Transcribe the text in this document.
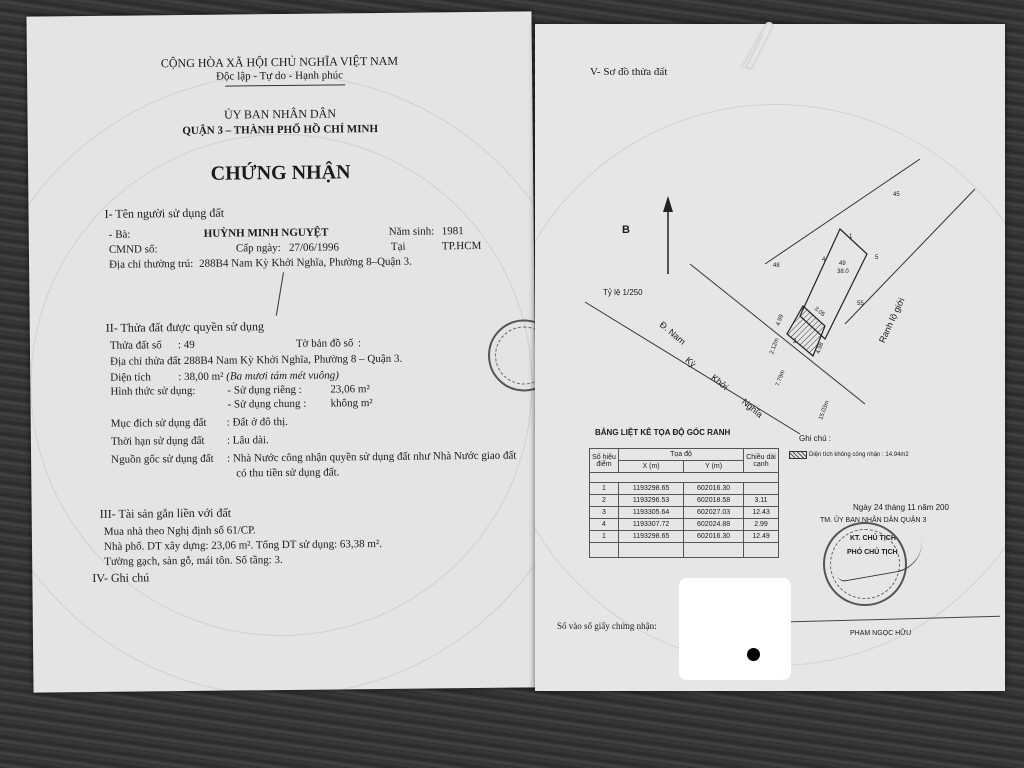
CỘNG HÒA XÃ HỘI CHỦ NGHĨA VIỆT NAM
Độc lập - Tự do - Hạnh phúc
ỦY BAN NHÂN DÂN
QUẬN 3 – THÀNH PHỐ HỒ CHÍ MINH
CHỨNG NHẬN
I- Tên người sử dụng đất
- Bà:	HUỲNH MINH NGUYỆT	Năm sinh: 1981
CMND số:	Cấp ngày: 27/06/1996	Tại	TP.HCM
Địa chỉ thường trú: 288B4 Nam Kỳ Khởi Nghĩa, Phường 8–Quận 3.
II- Thửa đất được quyền sử dụng
Thửa đất số : 49	Tờ bản đồ số :
Địa chỉ thửa đất
: 288B4 Nam Kỳ Khởi Nghĩa, Phường 8 – Quận 3.
Diện tích : 38,00 m² (Ba mươi tám mét vuông)
Hình thức sử dụng:	- Sử dụng riêng :	23,06 m²
- Sử dụng chung : không m²
Mục đích sử dụng đất : Đất ở đô thị.
Thời hạn sử dụng đất : Lâu dài.
Nguồn gốc sử dụng đất : Nhà Nước công nhận quyền sử dụng đất như Nhà Nước giao đất
có thu tiền sử dụng đất.
III- Tài sản gắn liền với đất
Mua nhà theo Nghị định số 61/CP.
Nhà phố. DT xây dựng: 23,06 m². Tổng DT sử dụng: 63,38 m².
Tường gạch, sàn gỗ, mái tôn. Số tầng: 3.
IV- Ghi chú
V- Sơ đồ thửa đất
B
Tỷ lệ 1/250
Đ. Nam
Kỳ
Khởi
Nghĩa
Ranh lộ giới
45
48	49
38.0
55
4.99
3.05
4.98
2.12m
7.79m
15.03m
1
2
4	5
BẢNG LIỆT KÊ TỌA ĐỘ GÓC RANH
Số hiệu điểm	Tọa độ		Chiều dài cạnh
	X (m)	Y (m)	

1	1193298.65	602016.30	
2	1193296.53	602018.58	3.11
3	1193305.64	602027.03	12.43
4	1193307.72	602024.88	2.99
1	1193298.65	602016.30	12.49

Ghi chú :
Diện tích không công nhận : 14.94m2
Ngày 24 tháng 11 năm 200
TM. ỦY BAN NHÂN DÂN QUẬN 3
KT. CHỦ TỊCH
PHÓ CHỦ TỊCH
PHẠM NGỌC HỮU
Số vào sổ giấy chứng nhận:
